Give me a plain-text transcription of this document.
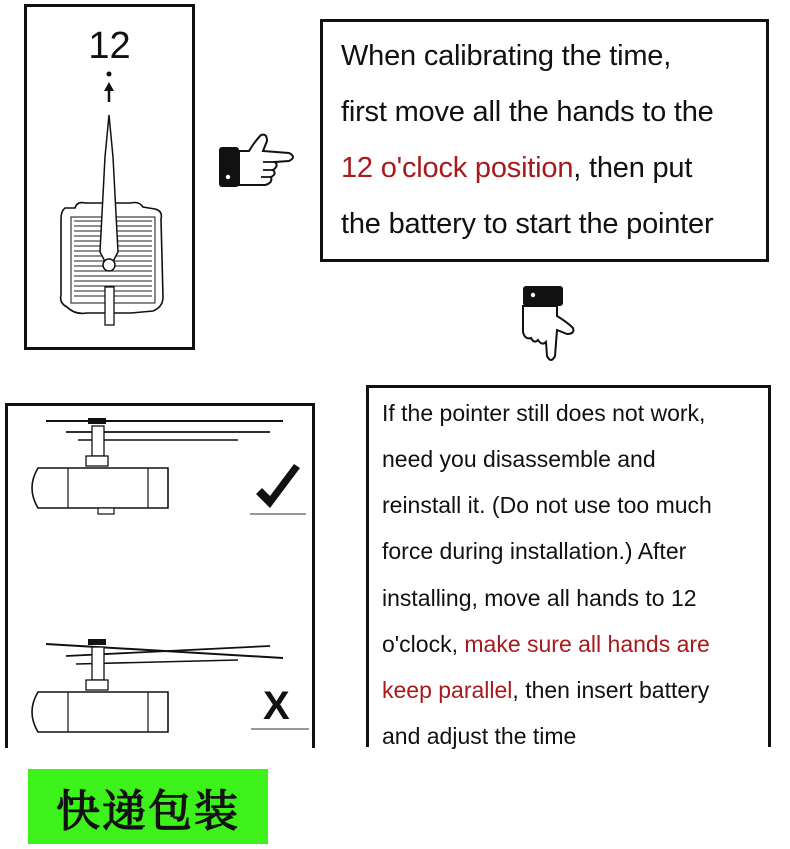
12	When calibrating the time,
first move all the hands to the
12 o'clock position, then put
the battery to start the pointer
X
If the pointer still does not work,
need you disassemble and
reinstall it. (Do not use too much
force during installation.) After
installing, move all hands to 12
o'clock, make sure all hands are
keep parallel, then insert battery
and adjust the time
快递包装
